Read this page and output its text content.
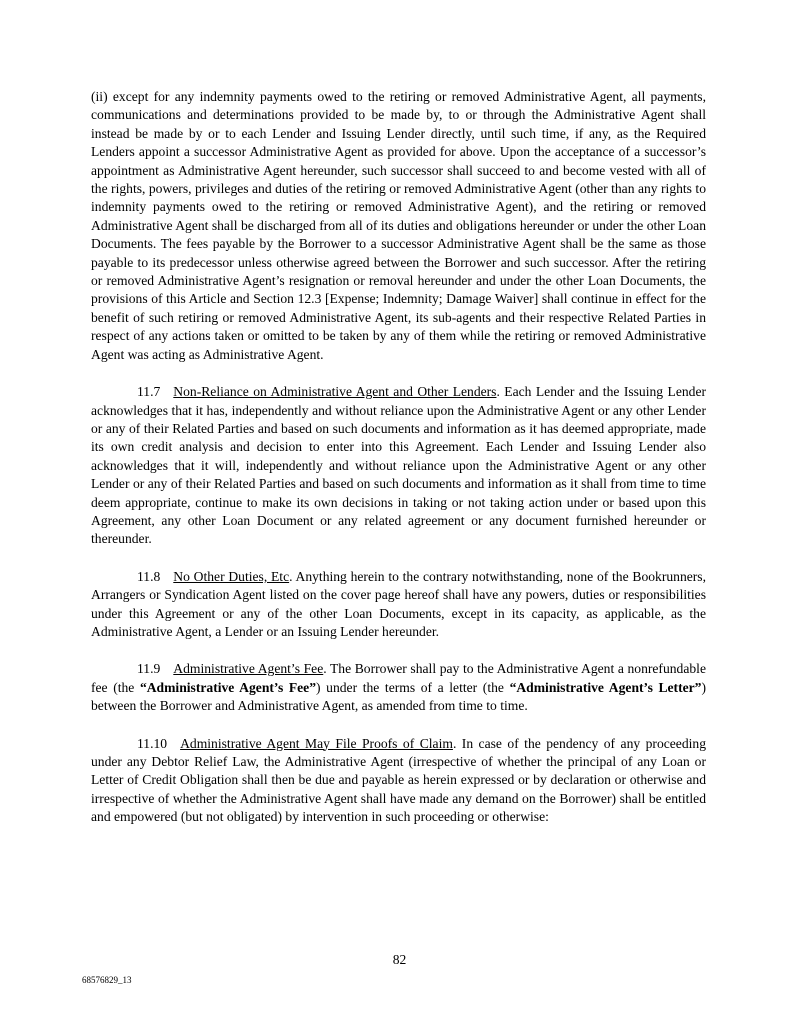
(ii) except for any indemnity payments owed to the retiring or removed Administrative Agent, all payments, communications and determinations provided to be made by, to or through the Administrative Agent shall instead be made by or to each Lender and Issuing Lender directly, until such time, if any, as the Required Lenders appoint a successor Administrative Agent as provided for above. Upon the acceptance of a successor’s appointment as Administrative Agent hereunder, such successor shall succeed to and become vested with all of the rights, powers, privileges and duties of the retiring or removed Administrative Agent (other than any rights to indemnity payments owed to the retiring or removed Administrative Agent), and the retiring or removed Administrative Agent shall be discharged from all of its duties and obligations hereunder or under the other Loan Documents. The fees payable by the Borrower to a successor Administrative Agent shall be the same as those payable to its predecessor unless otherwise agreed between the Borrower and such successor. After the retiring or removed Administrative Agent’s resignation or removal hereunder and under the other Loan Documents, the provisions of this Article and Section 12.3 [Expense; Indemnity; Damage Waiver] shall continue in effect for the benefit of such retiring or removed Administrative Agent, its sub-agents and their respective Related Parties in respect of any actions taken or omitted to be taken by any of them while the retiring or removed Administrative Agent was acting as Administrative Agent.

11.7 Non-Reliance on Administrative Agent and Other Lenders. Each Lender and the Issuing Lender acknowledges that it has, independently and without reliance upon the Administrative Agent or any other Lender or any of their Related Parties and based on such documents and information as it has deemed appropriate, made its own credit analysis and decision to enter into this Agreement. Each Lender and Issuing Lender also acknowledges that it will, independently and without reliance upon the Administrative Agent or any other Lender or any of their Related Parties and based on such documents and information as it shall from time to time deem appropriate, continue to make its own decisions in taking or not taking action under or based upon this Agreement, any other Loan Document or any related agreement or any document furnished hereunder or thereunder.

11.8 No Other Duties, Etc. Anything herein to the contrary notwithstanding, none of the Bookrunners, Arrangers or Syndication Agent listed on the cover page hereof shall have any powers, duties or responsibilities under this Agreement or any of the other Loan Documents, except in its capacity, as applicable, as the Administrative Agent, a Lender or an Issuing Lender hereunder.

11.9 Administrative Agent’s Fee. The Borrower shall pay to the Administrative Agent a nonrefundable fee (the “Administrative Agent’s Fee”) under the terms of a letter (the “Administrative Agent’s Letter”) between the Borrower and Administrative Agent, as amended from time to time.

11.10 Administrative Agent May File Proofs of Claim. In case of the pendency of any proceeding under any Debtor Relief Law, the Administrative Agent (irrespective of whether the principal of any Loan or Letter of Credit Obligation shall then be due and payable as herein expressed or by declaration or otherwise and irrespective of whether the Administrative Agent shall have made any demand on the Borrower) shall be entitled and empowered (but not obligated) by intervention in such proceeding or otherwise:

82
68576829_13
